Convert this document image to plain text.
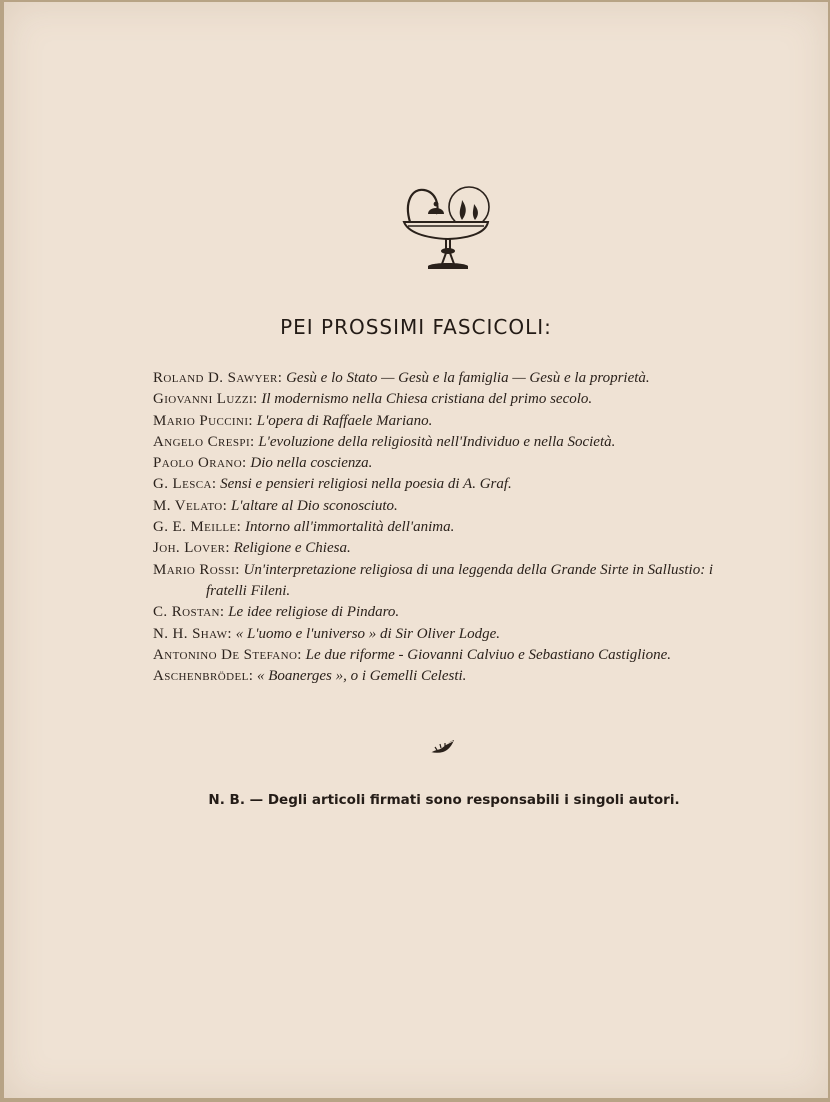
PEI PROSSIMI FASCICOLI:
Roland D. Sawyer: Gesù e lo Stato — Gesù e la famiglia — Gesù e la proprietà.
Giovanni Luzzi: Il modernismo nella Chiesa cristiana del primo secolo.
Mario Puccini: L'opera di Raffaele Mariano.
Angelo Crespi: L'evoluzione della religiosità nell'Individuo e nella Società.
Paolo Orano: Dio nella coscienza.
G. Lesca: Sensi e pensieri religiosi nella poesia di A. Graf.
M. Velato: L'altare al Dio sconosciuto.
G. E. Meille: Intorno all'immortalità dell'anima.
Joh. Lover: Religione e Chiesa.
Mario Rossi: Un'interpretazione religiosa di una leggenda della Grande Sirte in Sallustio: i fratelli Fileni.
C. Rostan: Le idee religiose di Pindaro.
N. H. Shaw: « L'uomo e l'universo » di Sir Oliver Lodge.
Antonino De Stefano: Le due riforme - Giovanni Calviuo e Sebastiano Castiglione.
Aschenbrödel: « Boanerges », o i Gemelli Celesti.
N. B. — Degli articoli firmati sono responsabili i singoli autori.
